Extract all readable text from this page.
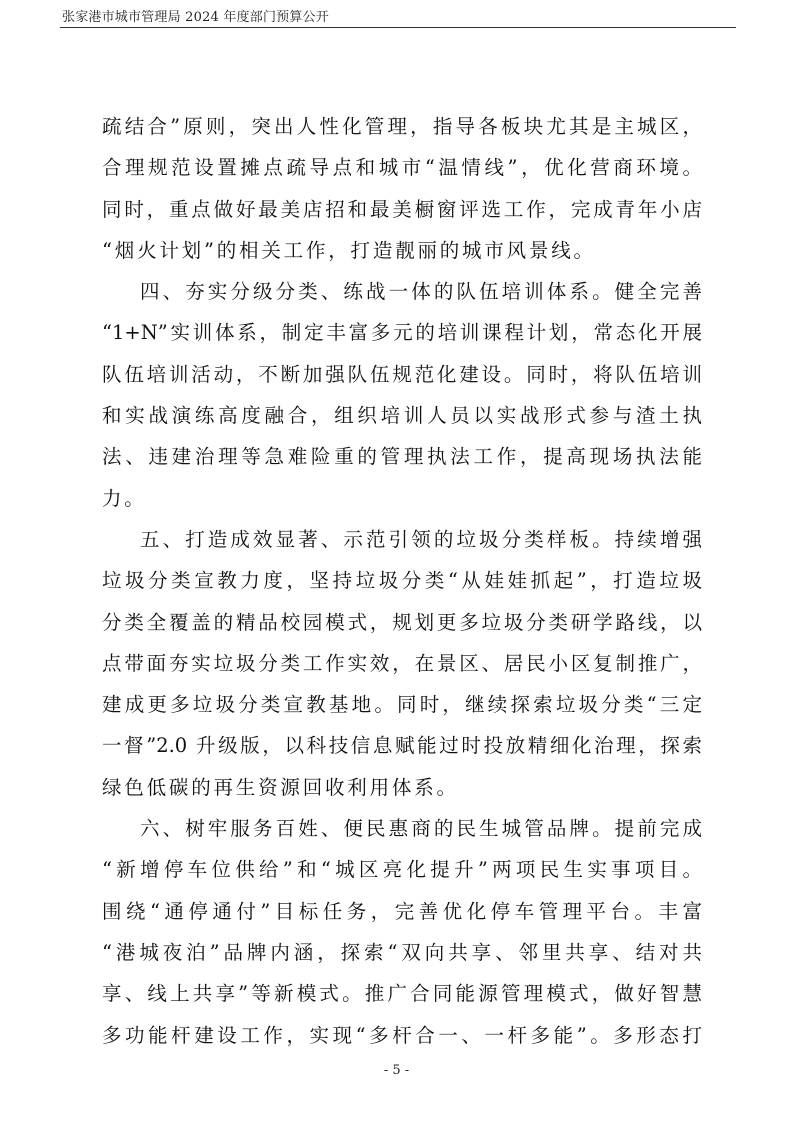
张家港市城市管理局 2024 年度部门预算公开
疏结合”原则，突出人性化管理，指导各板块尤其是主城区，
合理规范设置摊点疏导点和城市“温情线”，优化营商环境。
同时，重点做好最美店招和最美橱窗评选工作，完成青年小店
“烟火计划”的相关工作，打造靓丽的城市风景线。
四、夯实分级分类、练战一体的队伍培训体系。健全完善
“1+N”实训体系，制定丰富多元的培训课程计划，常态化开展
队伍培训活动，不断加强队伍规范化建设。同时，将队伍培训
和实战演练高度融合，组织培训人员以实战形式参与渣土执
法、违建治理等急难险重的管理执法工作，提高现场执法能
力。
五、打造成效显著、示范引领的垃圾分类样板。持续增强
垃圾分类宣教力度，坚持垃圾分类“从娃娃抓起”，打造垃圾
分类全覆盖的精品校园模式，规划更多垃圾分类研学路线，以
点带面夯实垃圾分类工作实效，在景区、居民小区复制推广，
建成更多垃圾分类宣教基地。同时，继续探索垃圾分类“三定
一督”2.0 升级版，以科技信息赋能过时投放精细化治理，探索
绿色低碳的再生资源回收利用体系。
六、树牢服务百姓、便民惠商的民生城管品牌。提前完成
“新增停车位供给”和“城区亮化提升”两项民生实事项目。
围绕“通停通付”目标任务，完善优化停车管理平台。丰富
“港城夜泊”品牌内涵，探索“双向共享、邻里共享、结对共
享、线上共享”等新模式。推广合同能源管理模式，做好智慧
多功能杆建设工作，实现“多杆合一、一杆多能”。多形态打
- 5 -
